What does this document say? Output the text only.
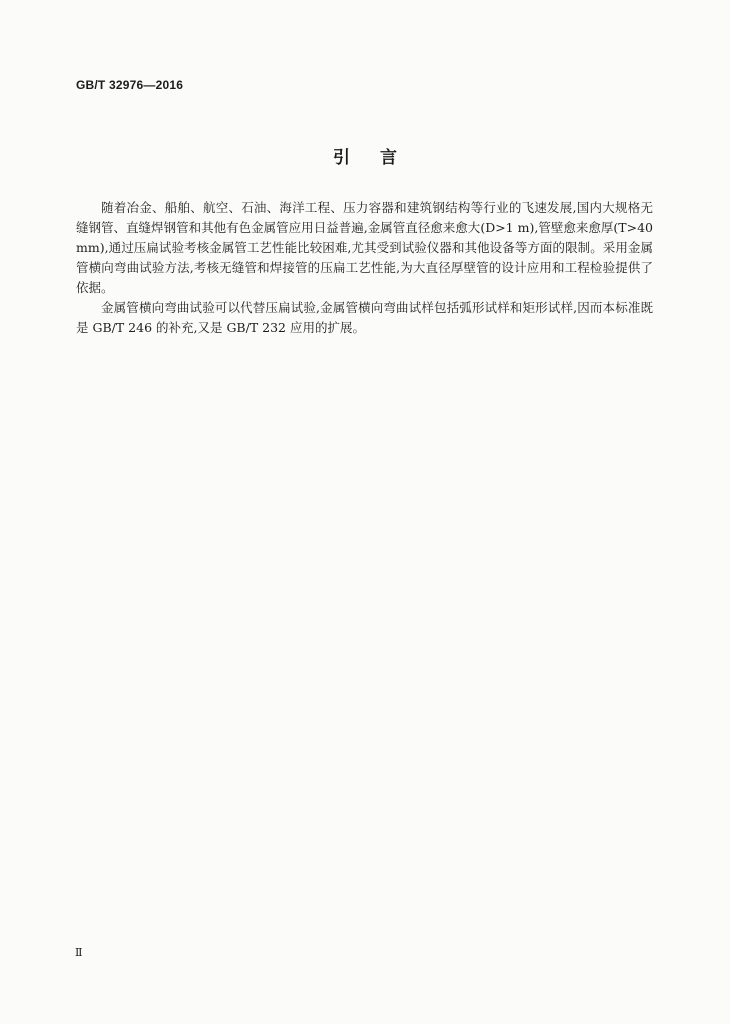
GB/T 32976—2016
引 言

随着冶金、船舶、航空、石油、海洋工程、压力容器和建筑钢结构等行业的飞速发展,国内大规格无缝钢管、直缝焊钢管和其他有色金属管应用日益普遍,金属管直径愈来愈大(D>1 m),管壁愈来愈厚(T>40 mm),通过压扁试验考核金属管工艺性能比较困难,尤其受到试验仪器和其他设备等方面的限制。采用金属管横向弯曲试验方法,考核无缝管和焊接管的压扁工艺性能,为大直径厚壁管的设计应用和工程检验提供了依据。

金属管横向弯曲试验可以代替压扁试验,金属管横向弯曲试样包括弧形试样和矩形试样,因而本标准既是 GB/T 246 的补充,又是 GB/T 232 应用的扩展。

Ⅱ
